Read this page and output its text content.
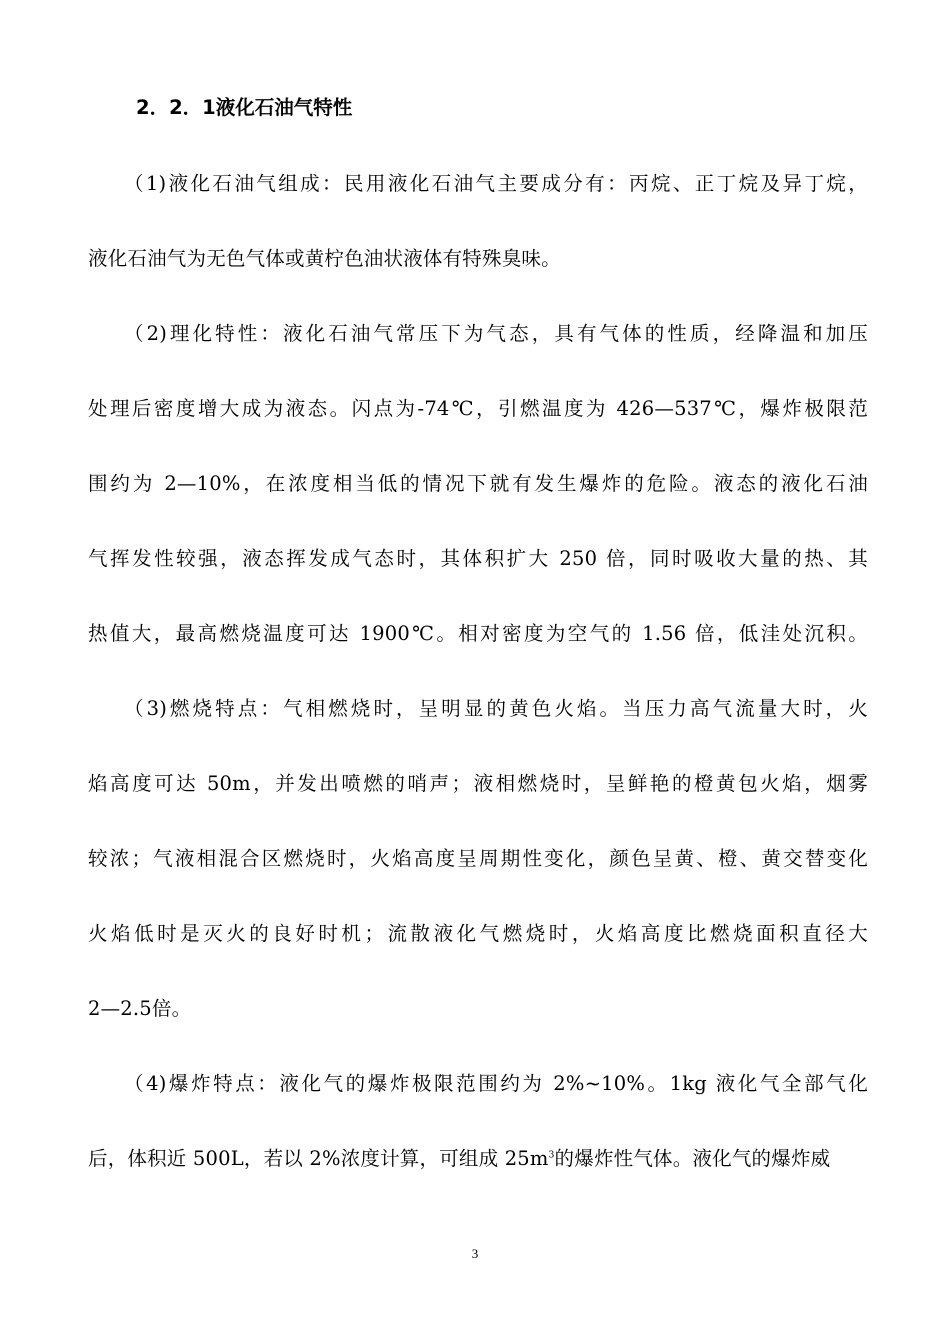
2．2．1液化石油气特性
（1)液化石油气组成：民用液化石油气主要成分有：丙烷、正丁烷及异丁烷，
液化石油气为无色气体或黄柠色油状液体有特殊臭味。
（2)理化特性：液化石油气常压下为气态，具有气体的性质，经降温和加压
处理后密度增大成为液态。闪点为-74℃，引燃温度为 426—537℃，爆炸极限范
围约为 2—10%，在浓度相当低的情况下就有发生爆炸的危险。液态的液化石油
气挥发性较强，液态挥发成气态时，其体积扩大 250 倍，同时吸收大量的热、其
热值大，最高燃烧温度可达 1900℃。相对密度为空气的 1.56 倍，低洼处沉积。
（3)燃烧特点：气相燃烧时，呈明显的黄色火焰。当压力高气流量大时，火
焰高度可达 50m，并发出喷燃的哨声；液相燃烧时，呈鲜艳的橙黄包火焰，烟雾
较浓；气液相混合区燃烧时，火焰高度呈周期性变化，颜色呈黄、橙、黄交替变化
火焰低时是灭火的良好时机；流散液化气燃烧时，火焰高度比燃烧面积直径大
2—2.5倍。
（4)爆炸特点：液化气的爆炸极限范围约为 2%~10%。1kg 液化气全部气化
后，体积近 500L，若以 2%浓度计算，可组成 $25m^3$的爆炸性气体。液化气的爆炸威
3
